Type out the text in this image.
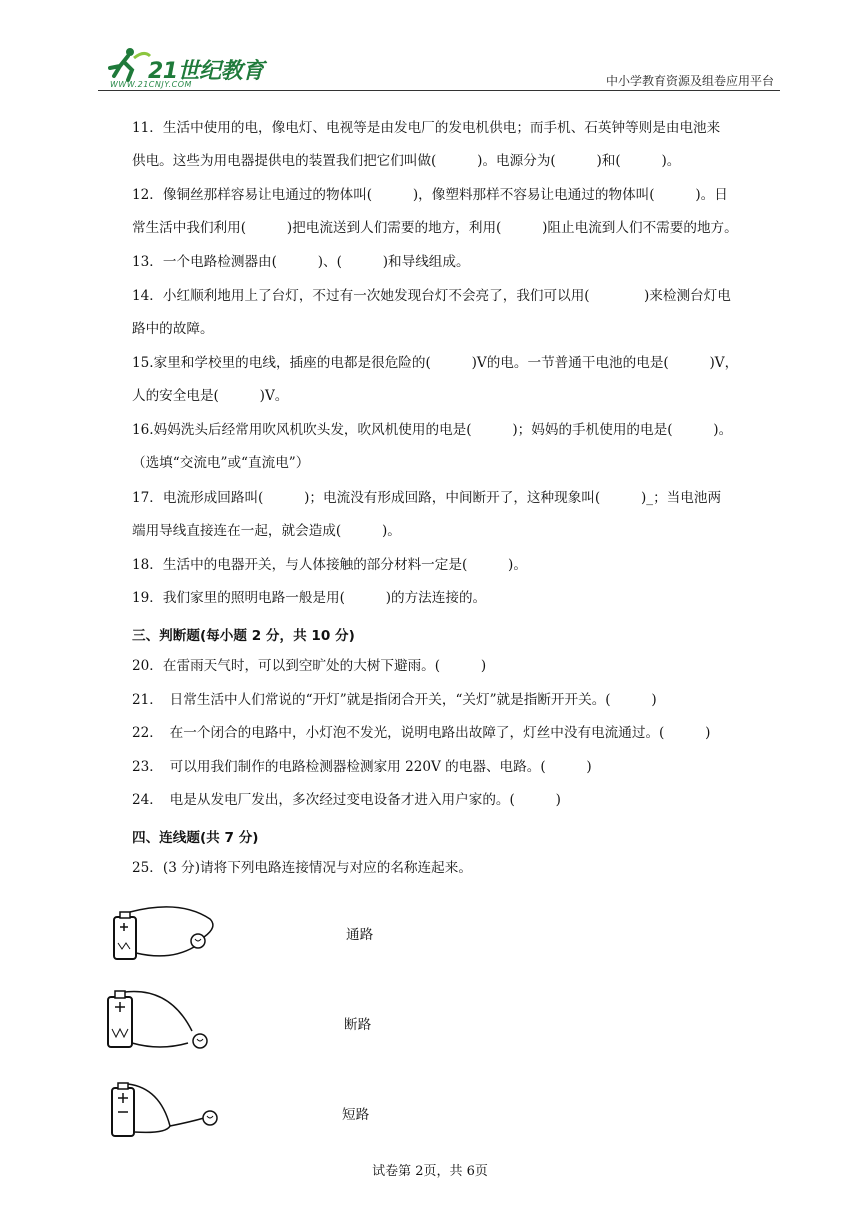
21世纪教育
WWW.21CNJY.COM	中小学教育资源及组卷应用平台
11．生活中使用的电，像电灯、电视等是由发电厂的发电机供电；而手机、石英钟等则是由电池来
供电。这些为用电器提供电的装置我们把它们叫做(　　　)。电源分为(　　　)和(　　　)。
12．像铜丝那样容易让电通过的物体叫(　　　)，像塑料那样不容易让电通过的物体叫(　　　)。日
常生活中我们利用(　　　)把电流送到人们需要的地方，利用(　　　)阻止电流到人们不需要的地方。
13．一个电路检测器由(　　　)、(　　　)和导线组成。
14．小红顺利地用上了台灯，不过有一次她发现台灯不会亮了，我们可以用(　　　　)来检测台灯电
路中的故障。
15.家里和学校里的电线，插座的电都是很危险的(　　　)V的电。一节普通干电池的电是(　　　)V，
人的安全电是(　　　)V。
16.妈妈洗头后经常用吹风机吹头发，吹风机使用的电是(　　　)；妈妈的手机使用的电是(　　　)。
（选填“交流电”或“直流电”）
17．电流形成回路叫(　　　)；电流没有形成回路，中间断开了，这种现象叫(　　　)_；当电池两
端用导线直接连在一起，就会造成(　　　)。
18．生活中的电器开关，与人体接触的部分材料一定是(　　　)。
19．我们家里的照明电路一般是用(　　　)的方法连接的。
三、判断题(每小题 2 分，共 10 分)
20．在雷雨天气时，可以到空旷处的大树下避雨。(　　　)
21．　日常生活中人们常说的“开灯”就是指闭合开关，“关灯”就是指断开开关。(　　　)
22．　在一个闭合的电路中，小灯泡不发光，说明电路出故障了，灯丝中没有电流通过。(　　　)
23．　可以用我们制作的电路检测器检测家用 220V 的电器、电路。(　　　)
24．　电是从发电厂发出，多次经过变电设备才进入用户家的。(　　　)
四、连线题(共 7 分)
25．(3 分)请将下列电路连接情况与对应的名称连起来。
通路
断路
短路
试卷第 2页，共 6页
